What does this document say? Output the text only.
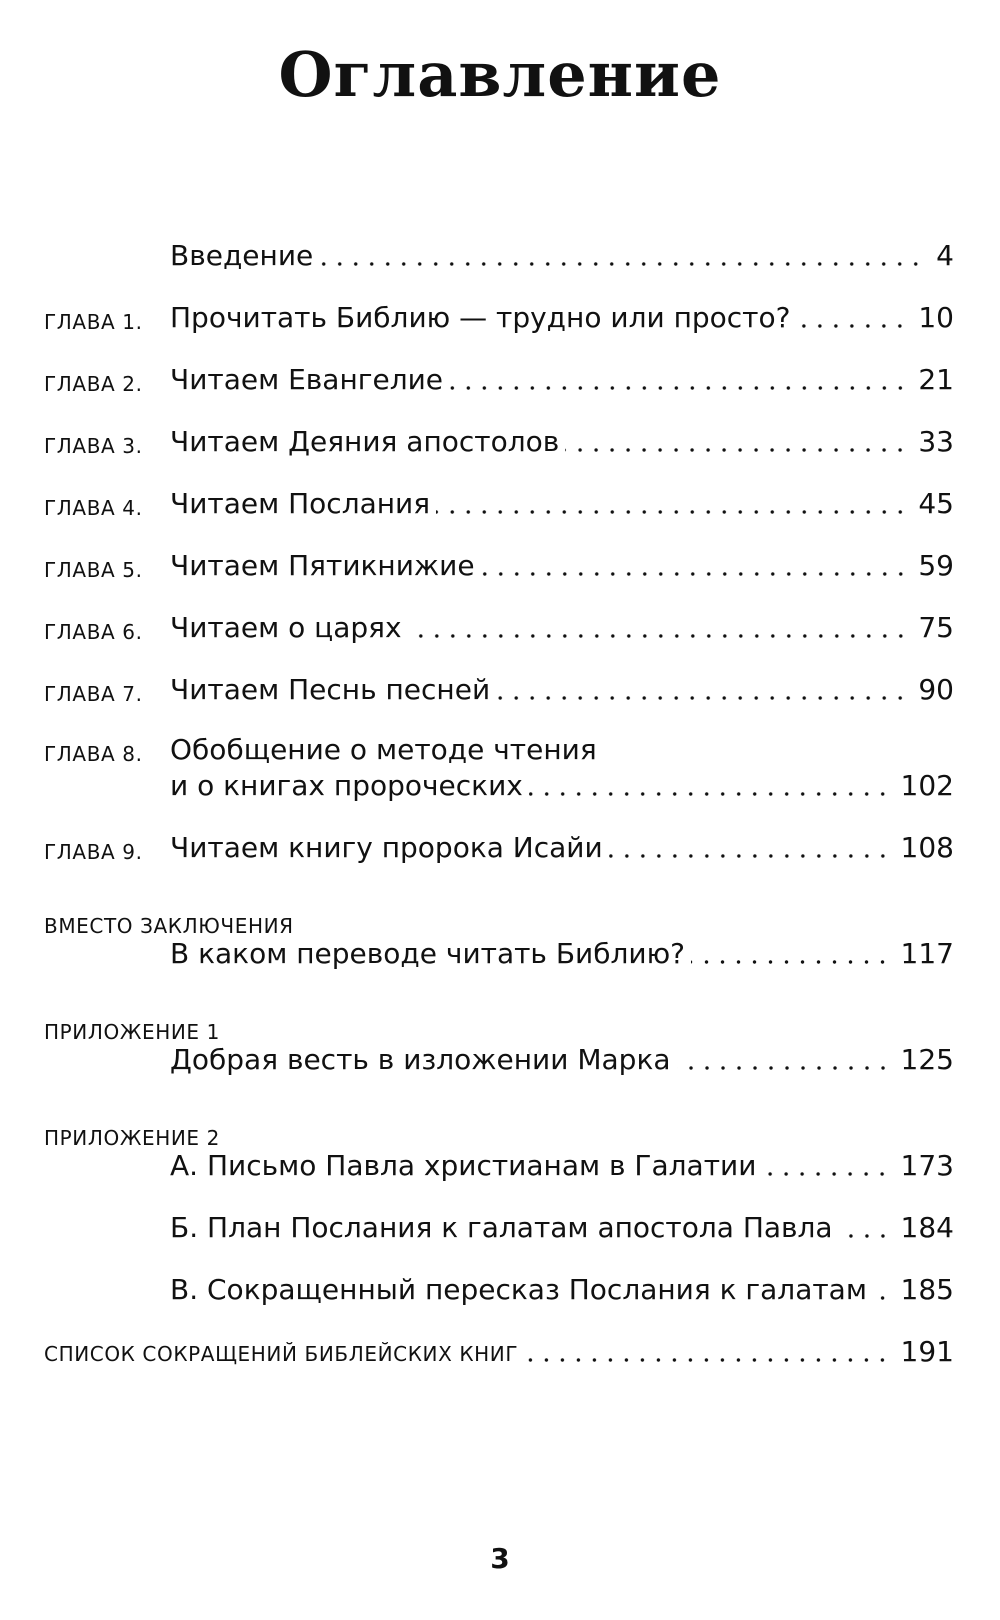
Оглавление
Введение	4
ГЛАВА 1. Прочитать Библию — трудно или просто?	10
ГЛАВА 2. Читаем Евангелие	21
ГЛАВА 3. Читаем Деяния апостолов	33
ГЛАВА 4. Читаем Послания	45
ГЛАВА 5. Читаем Пятикнижие	59
ГЛАВА 6. Читаем о царях	75
ГЛАВА 7. Читаем Песнь песней	90
ГЛАВА 8. Обобщение о методе чтения
и о книгах пророческих	102
ГЛАВА 9. Читаем книгу пророка Исайи	108
ВМЕСТО ЗАКЛЮЧЕНИЯ
В каком переводе читать Библию?	117
ПРИЛОЖЕНИЕ 1
Добрая весть в изложении Марка	125
ПРИЛОЖЕНИЕ 2
А. Письмо Павла христианам в Галатии	173
Б. План Послания к галатам апостола Павла 184
В. Сокращенный пересказ Послания к галатам 185
СПИСОК СОКРАЩЕНИЙ БИБЛЕЙСКИХ КНИГ	191
3
